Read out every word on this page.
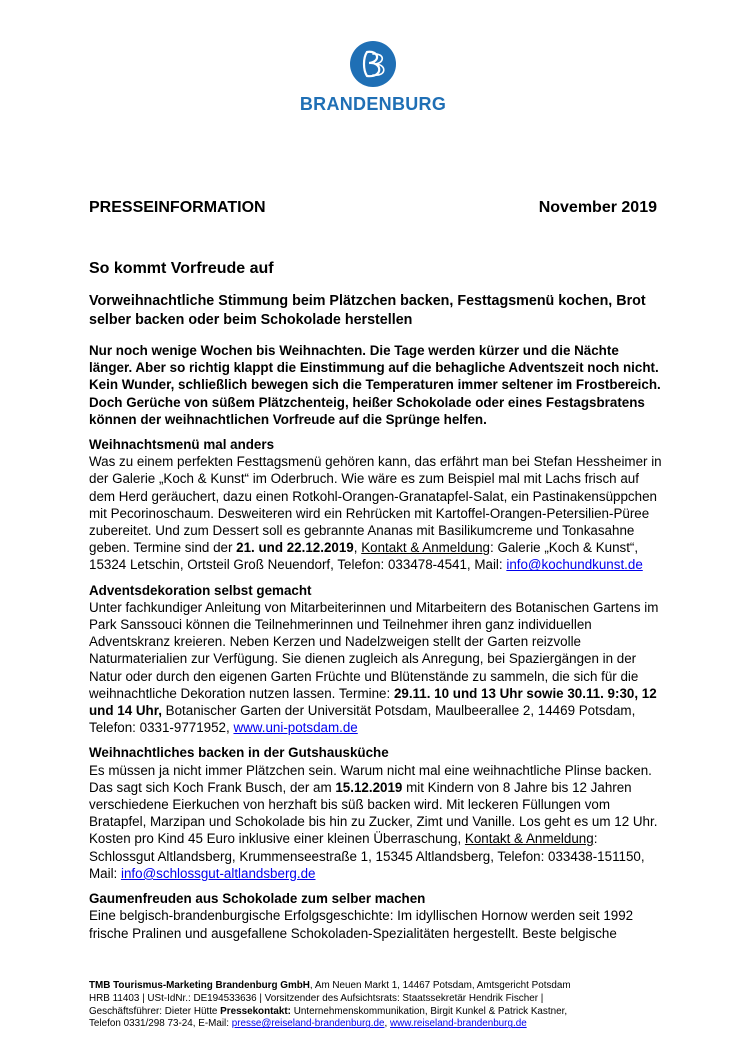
BRANDENBURG
PRESSEINFORMATION	November 2019
So kommt Vorfreude auf
Vorweihnachtliche Stimmung beim Plätzchen backen, Festtagsmenü kochen, Brot selber backen oder beim Schokolade herstellen

Nur noch wenige Wochen bis Weihnachten. Die Tage werden kürzer und die Nächte länger. Aber so richtig klappt die Einstimmung auf die behagliche Adventszeit noch nicht. Kein Wunder, schließlich bewegen sich die Temperaturen immer seltener im Frostbereich. Doch Gerüche von süßem Plätzchenteig, heißer Schokolade oder eines Festagsbratens können der weihnachtlichen Vorfreude auf die Sprünge helfen.

Weihnachtsmenü mal anders
Was zu einem perfekten Festtagsmenü gehören kann, das erfährt man bei Stefan Hessheimer in der Galerie „Koch & Kunst“ im Oderbruch. Wie wäre es zum Beispiel mal mit Lachs frisch auf dem Herd geräuchert, dazu einen Rotkohl-Orangen-Granatapfel-Salat, ein Pastinakensüppchen mit Pecorinoschaum. Desweiteren wird ein Rehrücken mit Kartoffel-Orangen-Petersilien-Püree zubereitet. Und zum Dessert soll es gebrannte Ananas mit Basilikumcreme und Tonkasahne geben. Termine sind der 21. und 22.12.2019, Kontakt & Anmeldung: Galerie „Koch & Kunst“, 15324 Letschin, Ortsteil Groß Neuendorf, Telefon: 033478-4541, Mail: info@kochundkunst.de

Adventsdekoration selbst gemacht
Unter fachkundiger Anleitung von Mitarbeiterinnen und Mitarbeitern des Botanischen Gartens im Park Sanssouci können die Teilnehmerinnen und Teilnehmer ihren ganz individuellen Adventskranz kreieren. Neben Kerzen und Nadelzweigen stellt der Garten reizvolle Naturmaterialien zur Verfügung. Sie dienen zugleich als Anregung, bei Spaziergängen in der Natur oder durch den eigenen Garten Früchte und Blütenstände zu sammeln, die sich für die weihnachtliche Dekoration nutzen lassen. Termine: 29.11. 10 und 13 Uhr sowie 30.11. 9:30, 12 und 14 Uhr, Botanischer Garten der Universität Potsdam, Maulbeerallee 2, 14469 Potsdam, Telefon: 0331-9771952, www.uni-potsdam.de

Weihnachtliches backen in der Gutshausküche
Es müssen ja nicht immer Plätzchen sein. Warum nicht mal eine weihnachtliche Plinse backen. Das sagt sich Koch Frank Busch, der am 15.12.2019 mit Kindern von 8 Jahre bis 12 Jahren verschiedene Eierkuchen von herzhaft bis süß backen wird. Mit leckeren Füllungen vom Bratapfel, Marzipan und Schokolade bis hin zu Zucker, Zimt und Vanille. Los geht es um 12 Uhr. Kosten pro Kind 45 Euro inklusive einer kleinen Überraschung, Kontakt & Anmeldung: Schlossgut Altlandsberg, Krummenseestraße 1, 15345 Altlandsberg, Telefon: 033438-151150, Mail: info@schlossgut-altlandsberg.de

Gaumenfreuden aus Schokolade zum selber machen
Eine belgisch-brandenburgische Erfolgsgeschichte: Im idyllischen Hornow werden seit 1992 frische Pralinen und ausgefallene Schokoladen-Spezialitäten hergestellt. Beste belgische

TMB Tourismus-Marketing Brandenburg GmbH, Am Neuen Markt 1, 14467 Potsdam, Amtsgericht Potsdam
HRB 11403 | USt-IdNr.: DE194533636 | Vorsitzender des Aufsichtsrats: Staatssekretär Hendrik Fischer |
Geschäftsführer: Dieter Hütte Pressekontakt: Unternehmenskommunikation, Birgit Kunkel & Patrick Kastner,
Telefon 0331/298 73-24, E-Mail: presse@reiseland-brandenburg.de, www.reiseland-brandenburg.de
